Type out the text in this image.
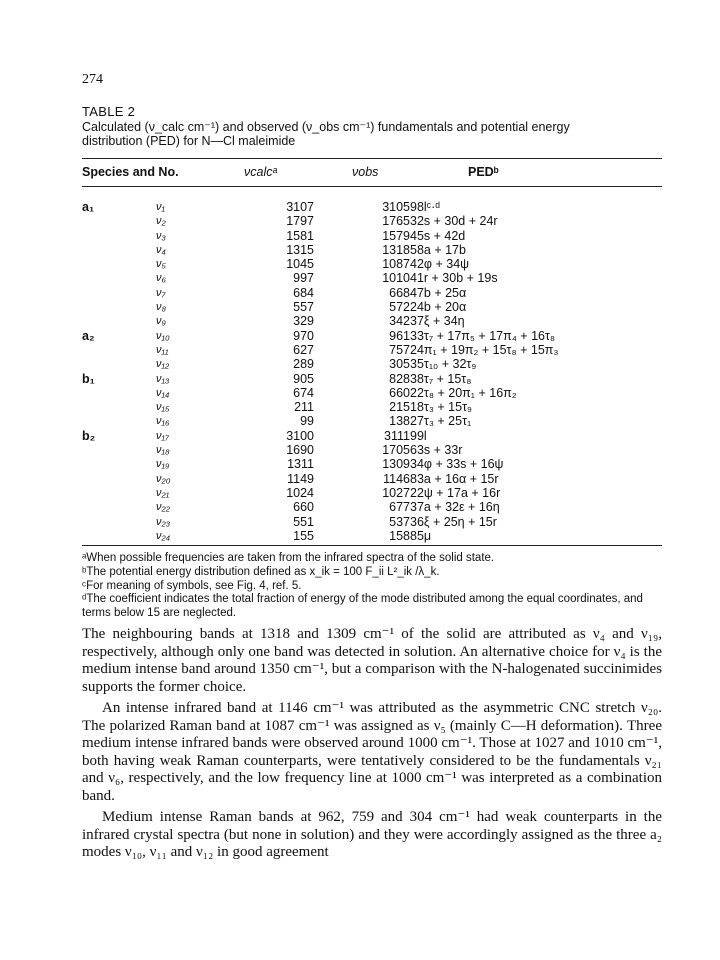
274
TABLE 2
Calculated (ν_calc cm⁻¹) and observed (ν_obs cm⁻¹) fundamentals and potential energy
distribution (PED) for N—Cl maleimide
Species and No.	νcalcᵃ	νobs	PEDᵇ
a₁	ν₁	3107	3105	98lᶜ·ᵈ
	ν₂	1797	1765	32s + 30d + 24r
	ν₃	1581	1579	45s + 42d
	ν₄	1315	1318	58a + 17b
	ν₅	1045	1087	42φ + 34ψ
	ν₆	997	1010	41r + 30b + 19s
	ν₇	684	668	47b + 25α
	ν₈	557	572	24b + 20α
	ν₉	329	342	37ξ + 34η
a₂	ν₁₀	970	961	33τ₇ + 17π₅ + 17π₄ + 16τ₈
	ν₁₁	627	757	24π₁ + 19π₂ + 15τ₈ + 15π₃
	ν₁₂	289	305	35τ₁₀ + 32τ₉
b₁	ν₁₃	905	828	38τ₇ + 15τ₈
	ν₁₄	674	660	22τ₈ + 20π₁ + 16π₂
	ν₁₅	211	215	18τ₃ + 15τ₉
	ν₁₆	99	138	27τ₃ + 25τ₁
b₂	ν₁₇	3100	3111	99l
	ν₁₈	1690	1705	63s + 33r
	ν₁₉	1311	1309	34φ + 33s + 16ψ
	ν₂₀	1149	1146	83a + 16α + 15r
	ν₂₁	1024	1027	22ψ + 17a + 16r
	ν₂₂	660	677	37a + 32ε + 16η
	ν₂₃	551	537	36ξ + 25η + 15r
	ν₂₄	155	158	85μ

ᵃWhen possible frequencies are taken from the infrared spectra of the solid state.

ᵇThe potential energy distribution defined as x_ik = 100 F_ii L²_ik /λ_k.

ᶜFor meaning of symbols, see Fig. 4, ref. 5.

ᵈThe coefficient indicates the total fraction of energy of the mode distributed among the equal coordinates, and terms below 15 are neglected.

The neighbouring bands at 1318 and 1309 cm⁻¹ of the solid are attributed as ν₄ and ν₁₉, respectively, although only one band was detected in solution. An alternative choice for ν₄ is the medium intense band around 1350 cm⁻¹, but a comparison with the N-halogenated succinimides supports the former choice.

An intense infrared band at 1146 cm⁻¹ was attributed as the asymmetric CNC stretch ν₂₀. The polarized Raman band at 1087 cm⁻¹ was assigned as ν₅ (mainly C—H deformation). Three medium intense infrared bands were observed around 1000 cm⁻¹. Those at 1027 and 1010 cm⁻¹, both having weak Raman counterparts, were tentatively considered to be the fundamentals ν₂₁ and ν₆, respectively, and the low frequency line at 1000 cm⁻¹ was interpreted as a combination band.

Medium intense Raman bands at 962, 759 and 304 cm⁻¹ had weak counterparts in the infrared crystal spectra (but none in solution) and they were accordingly assigned as the three a₂ modes ν₁₀, ν₁₁ and ν₁₂ in good agreement
